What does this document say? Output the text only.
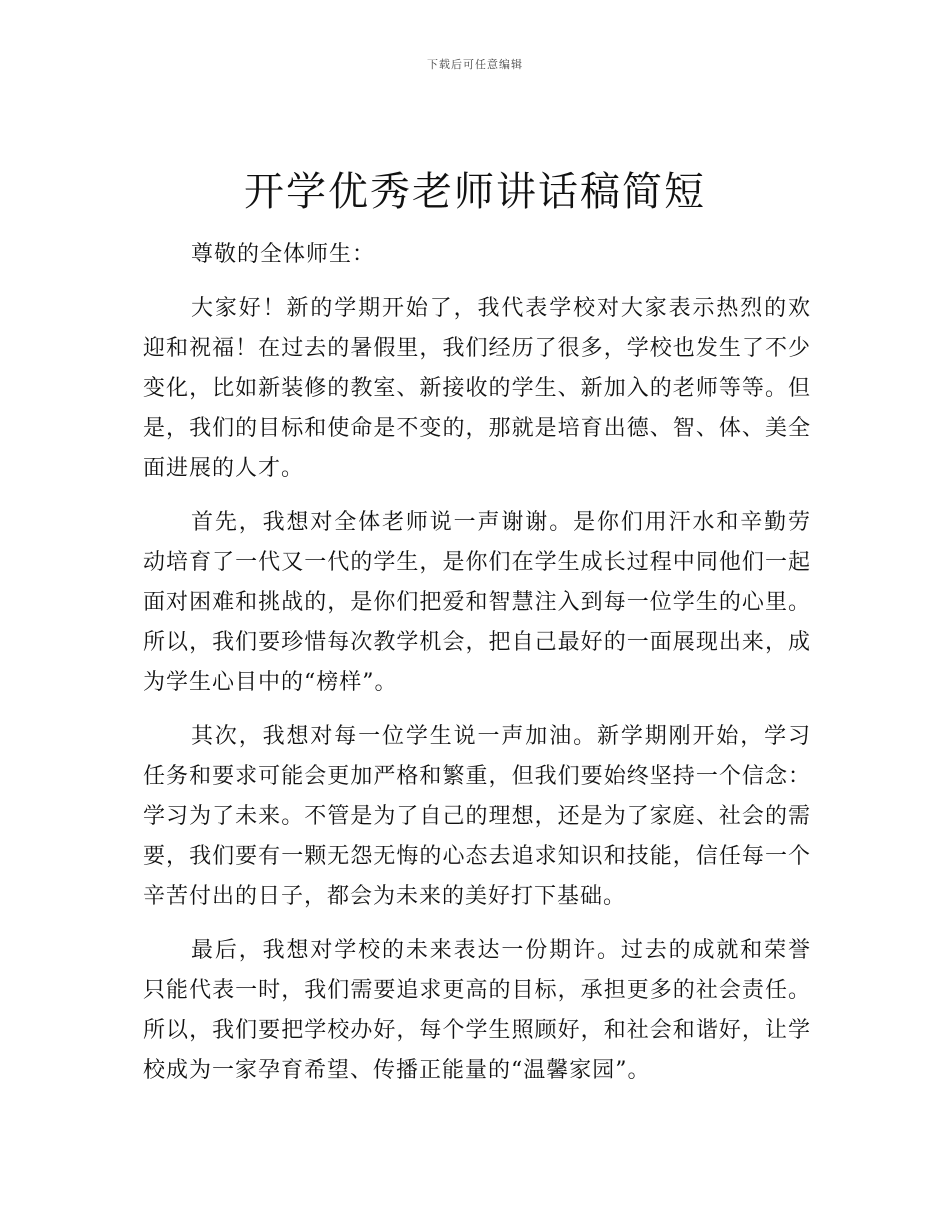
下载后可任意编辑
开学优秀老师讲话稿简短

尊敬的全体师生：

大家好！新的学期开始了，我代表学校对大家表示热烈的欢迎和祝福！在过去的暑假里，我们经历了很多，学校也发生了不少变化，比如新装修的教室、新接收的学生、新加入的老师等等。但是，我们的目标和使命是不变的，那就是培育出德、智、体、美全面进展的人才。

首先，我想对全体老师说一声谢谢。是你们用汗水和辛勤劳动培育了一代又一代的学生，是你们在学生成长过程中同他们一起面对困难和挑战的，是你们把爱和智慧注入到每一位学生的心里。所以，我们要珍惜每次教学机会，把自己最好的一面展现出来，成为学生心目中的“榜样”。

其次，我想对每一位学生说一声加油。新学期刚开始，学习任务和要求可能会更加严格和繁重，但我们要始终坚持一个信念：学习为了未来。不管是为了自己的理想，还是为了家庭、社会的需要，我们要有一颗无怨无悔的心态去追求知识和技能，信任每一个辛苦付出的日子，都会为未来的美好打下基础。

最后，我想对学校的未来表达一份期许。过去的成就和荣誉只能代表一时，我们需要追求更高的目标，承担更多的社会责任。所以，我们要把学校办好，每个学生照顾好，和社会和谐好，让学校成为一家孕育希望、传播正能量的“温馨家园”。
